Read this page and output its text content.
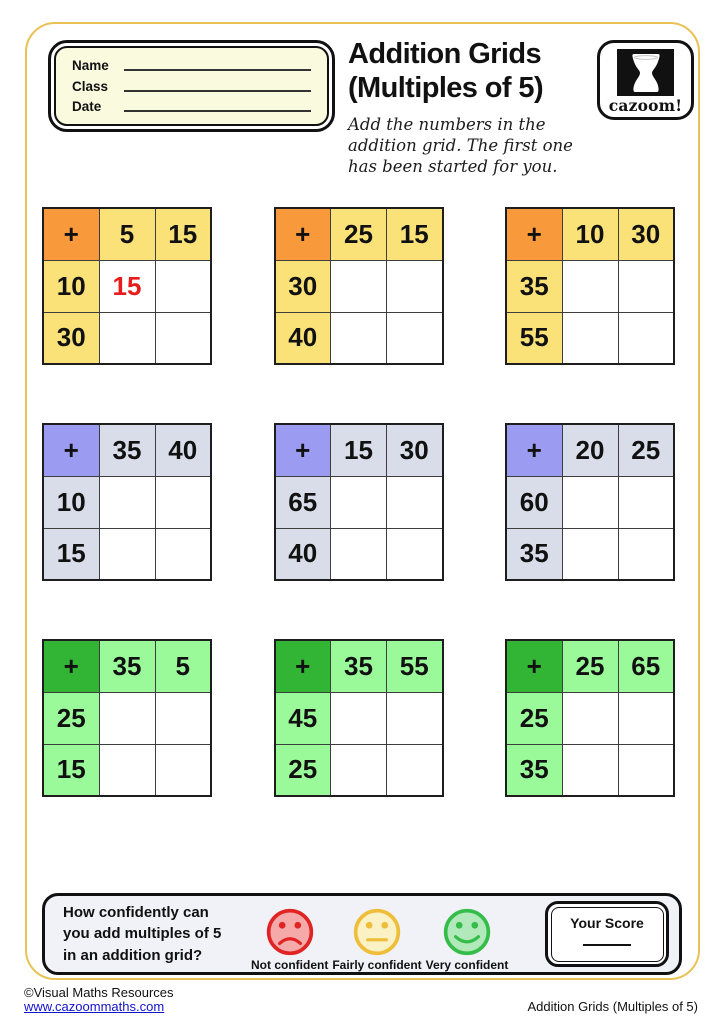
Name
Class
Date
Addition Grids
(Multiples of 5)
Add the numbers in the
addition grid. The first one
has been started for you.
cazoom!
+	5	15
10	15	
30		
+	25	15
30		
40		
+	10	30
35		
55		
+	35	40
10		
15		
+	15	30
65		
40		
+	20	25
60		
35		
+	35	5
25		
15		
+	35	55
45		
25		
+	25	65
25		
35		
How confidently can
you add multiples of 5
in an addition grid?
Not confident Fairly confident Very confident
Your Score
©Visual Maths Resources
www.cazoommaths.com	Addition Grids (Multiples of 5)
